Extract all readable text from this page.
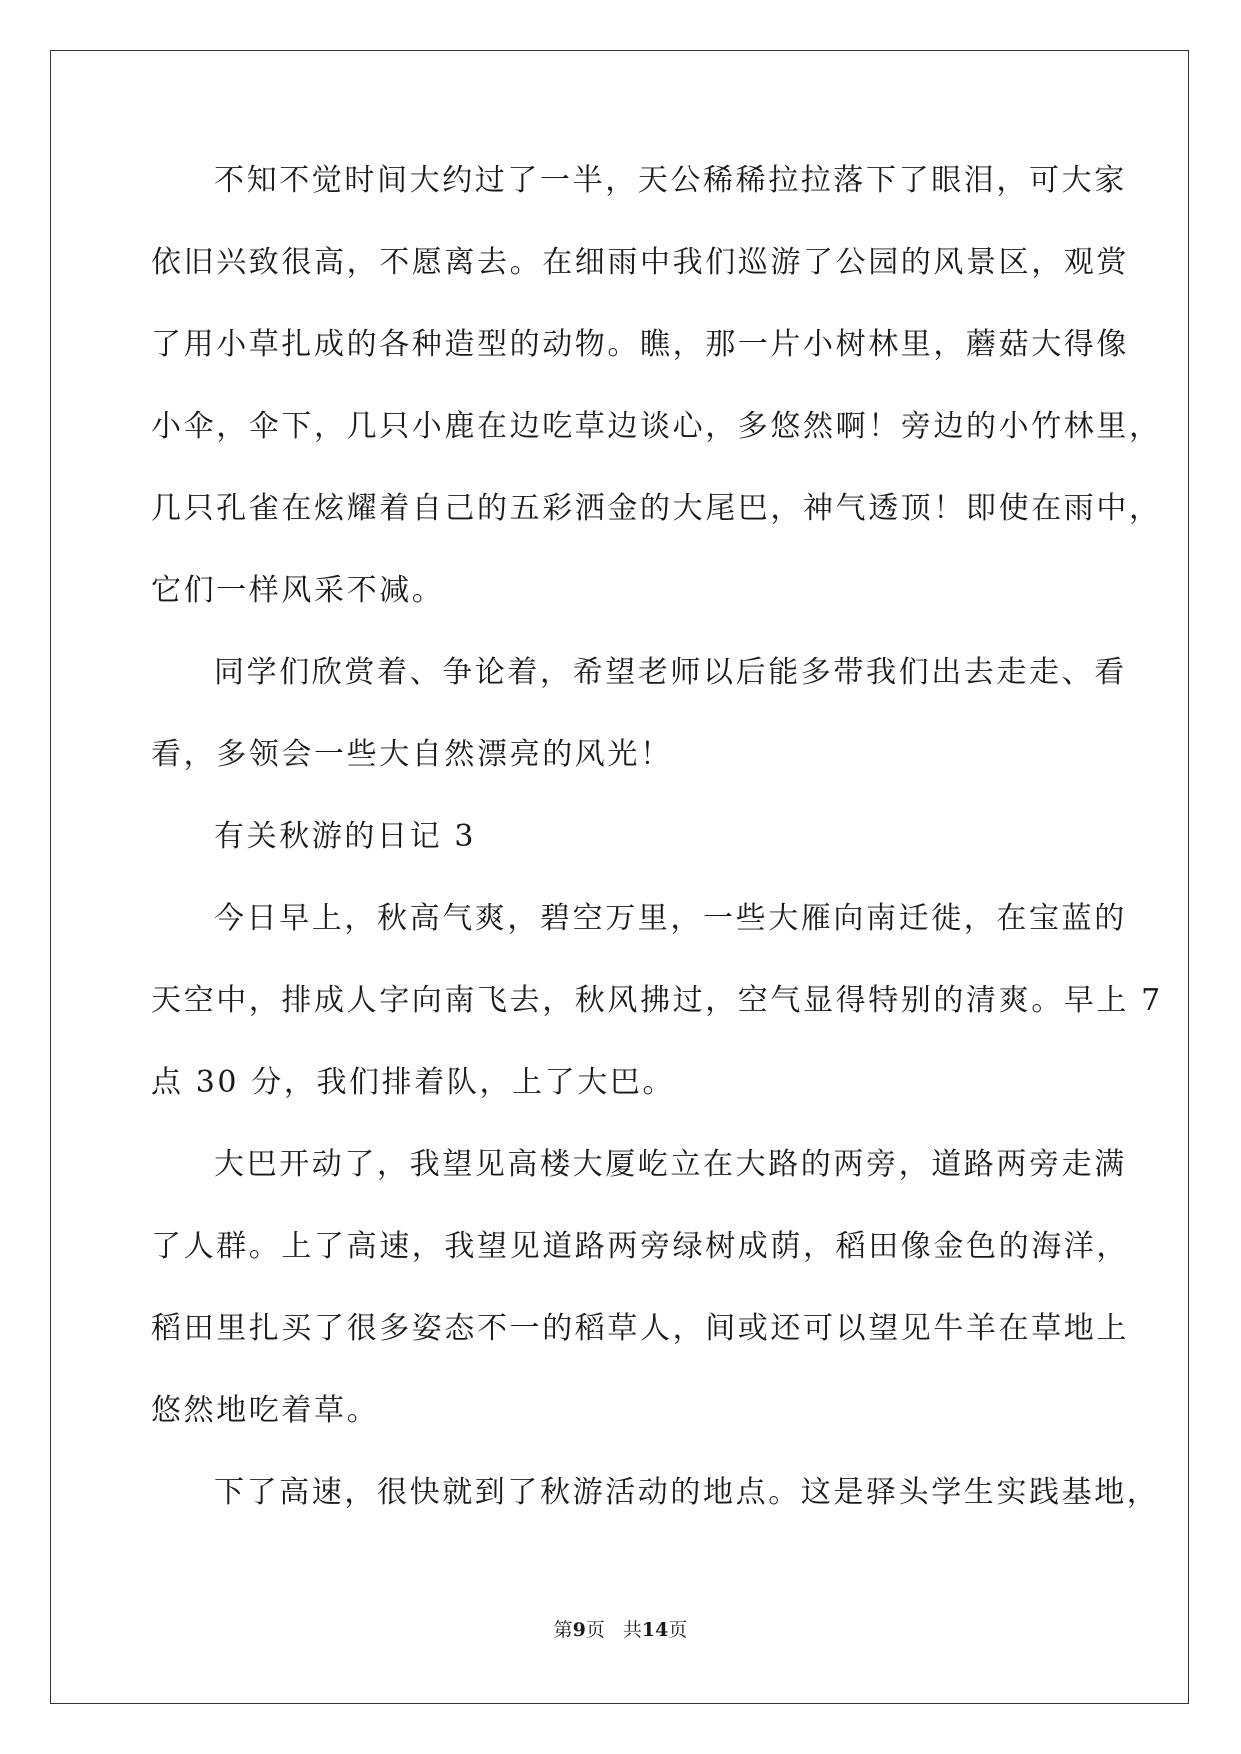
不知不觉时间大约过了一半，天公稀稀拉拉落下了眼泪，可大家
依旧兴致很高，不愿离去。在细雨中我们巡游了公园的风景区，观赏
了用小草扎成的各种造型的动物。瞧，那一片小树林里，蘑菇大得像
小伞，伞下，几只小鹿在边吃草边谈心，多悠然啊！旁边的小竹林里，
几只孔雀在炫耀着自己的五彩洒金的大尾巴，神气透顶！即使在雨中，
它们一样风采不减。
同学们欣赏着、争论着，希望老师以后能多带我们出去走走、看
看，多领会一些大自然漂亮的风光！
有关秋游的日记 3
今日早上，秋高气爽，碧空万里，一些大雁向南迁徙，在宝蓝的
天空中，排成人字向南飞去，秋风拂过，空气显得特别的清爽。早上 7
点 30 分，我们排着队，上了大巴。
大巴开动了，我望见高楼大厦屹立在大路的两旁，道路两旁走满
了人群。上了高速，我望见道路两旁绿树成荫，稻田像金色的海洋，
稻田里扎买了很多姿态不一的稻草人，间或还可以望见牛羊在草地上
悠然地吃着草。
下了高速，很快就到了秋游活动的地点。这是驿头学生实践基地，
第9页 共14页
